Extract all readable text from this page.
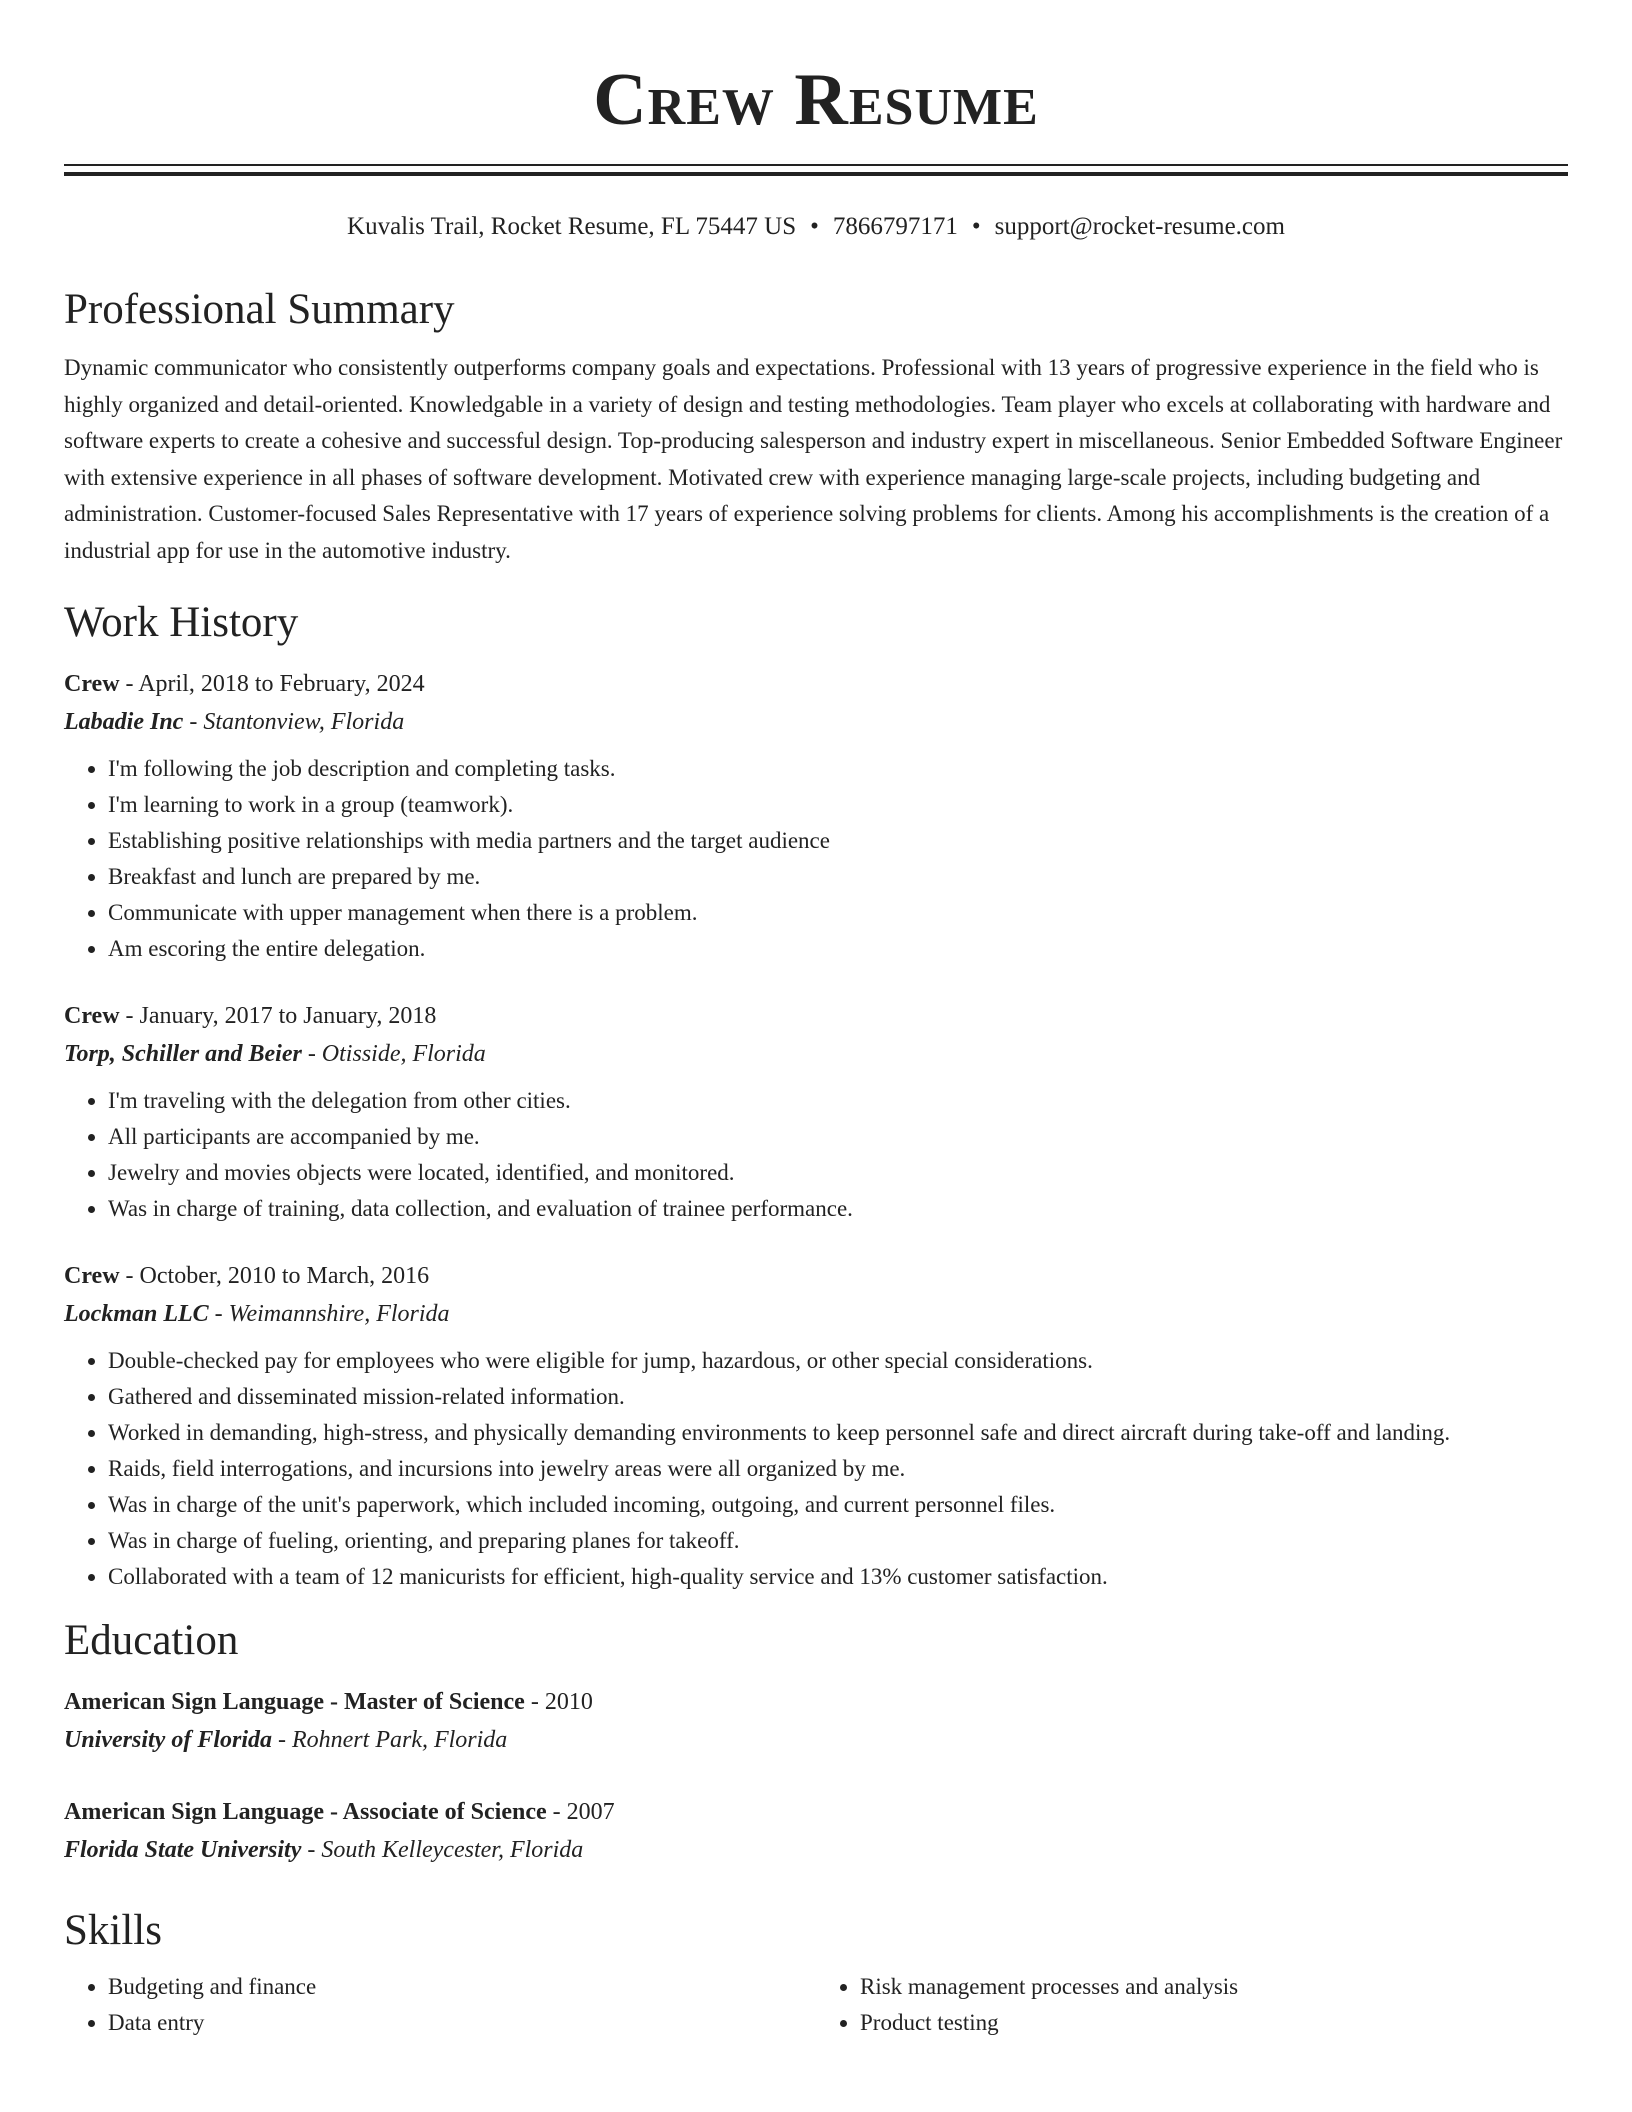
Crew Resume
Kuvalis Trail, Rocket Resume, FL 75447 US • 7866797171 • support@rocket-resume.com
Professional Summary

Dynamic communicator who consistently outperforms company goals and expectations. Professional with 13 years of progressive experience in the field who is highly organized and detail-oriented. Knowledgable in a variety of design and testing methodologies. Team player who excels at collaborating with hardware and software experts to create a cohesive and successful design. Top-producing salesperson and industry expert in miscellaneous. Senior Embedded Software Engineer with extensive experience in all phases of software development. Motivated crew with experience managing large-scale projects, including budgeting and administration. Customer-focused Sales Representative with 17 years of experience solving problems for clients. Among his accomplishments is the creation of a industrial app for use in the automotive industry.

Work History
Crew - April, 2018 to February, 2024
Labadie Inc - Stantonview, Florida
• I'm following the job description and completing tasks.
• I'm learning to work in a group (teamwork).
• Establishing positive relationships with media partners and the target audience
• Breakfast and lunch are prepared by me.
• Communicate with upper management when there is a problem.
• Am escoring the entire delegation.
Crew - January, 2017 to January, 2018
Torp, Schiller and Beier - Otisside, Florida
• I'm traveling with the delegation from other cities.
• All participants are accompanied by me.
• Jewelry and movies objects were located, identified, and monitored.
• Was in charge of training, data collection, and evaluation of trainee performance.
Crew - October, 2010 to March, 2016
Lockman LLC - Weimannshire, Florida
• Double-checked pay for employees who were eligible for jump, hazardous, or other special considerations.
• Gathered and disseminated mission-related information.
• Worked in demanding, high-stress, and physically demanding environments to keep personnel safe and direct aircraft during take-off and landing.
• Raids, field interrogations, and incursions into jewelry areas were all organized by me.
• Was in charge of the unit's paperwork, which included incoming, outgoing, and current personnel files.
• Was in charge of fueling, orienting, and preparing planes for takeoff.
• Collaborated with a team of 12 manicurists for efficient, high-quality service and 13% customer satisfaction.
Education
American Sign Language - Master of Science - 2010
University of Florida - Rohnert Park, Florida
American Sign Language - Associate of Science - 2007
Florida State University - South Kelleycester, Florida
Skills
• Budgeting and finance
• Data entry
• Risk management processes and analysis
• Product testing
